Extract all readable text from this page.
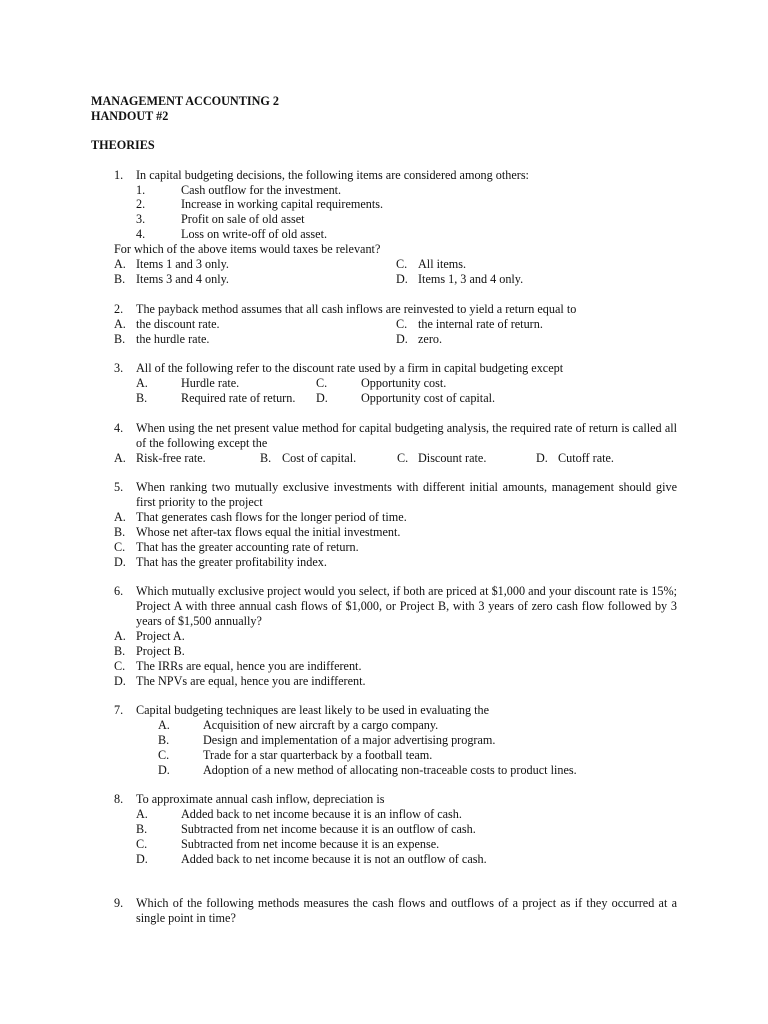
MANAGEMENT ACCOUNTING 2
HANDOUT #2
THEORIES
1. In capital budgeting decisions, the following items are considered among others:
1.	Cash outflow for the investment.
2.	Increase in working capital requirements.
3.	Profit on sale of old asset
4.	Loss on write-off of old asset.
For which of the above items would taxes be relevant?
A. Items 1 and 3 only.
B. Items 3 and 4 only.
C. All items.
D. Items 1, 3 and 4 only.
2. The payback method assumes that all cash inflows are reinvested to yield a return equal to
A. the discount rate.
B. the hurdle rate.
C. the internal rate of return.
D. zero.
3. All of the following refer to the discount rate used by a firm in capital budgeting except
A.	Hurdle rate.
B.	Required rate of return.
C.	Opportunity cost.
D.	Opportunity cost of capital.
4. When using the net present value method for capital budgeting analysis, the required rate of return is called all of the following except the
A. Risk-free rate.	B. Cost of capital.	C. Discount rate.	D. Cutoff rate.
5. When ranking two mutually exclusive investments with different initial amounts, management should give first priority to the project
A. That generates cash flows for the longer period of time.
B. Whose net after-tax flows equal the initial investment.
C. That has the greater accounting rate of return.
D. That has the greater profitability index.
6. Which mutually exclusive project would you select, if both are priced at $1,000 and your discount rate is 15%; Project A with three annual cash flows of $1,000, or Project B, with 3 years of zero cash flow followed by 3 years of $1,500 annually?
A. Project A.
B. Project B.
C. The IRRs are equal, hence you are indifferent.
D. The NPVs are equal, hence you are indifferent.
7. Capital budgeting techniques are least likely to be used in evaluating the
A.	Acquisition of new aircraft by a cargo company.
B.	Design and implementation of a major advertising program.
C.	Trade for a star quarterback by a football team.
D.	Adoption of a new method of allocating non-traceable costs to product lines.
8. To approximate annual cash inflow, depreciation is
A.	Added back to net income because it is an inflow of cash.
B.	Subtracted from net income because it is an outflow of cash.
C.	Subtracted from net income because it is an expense.
D.	Added back to net income because it is not an outflow of cash.
9. Which of the following methods measures the cash flows and outflows of a project as if they occurred at a single point in time?
